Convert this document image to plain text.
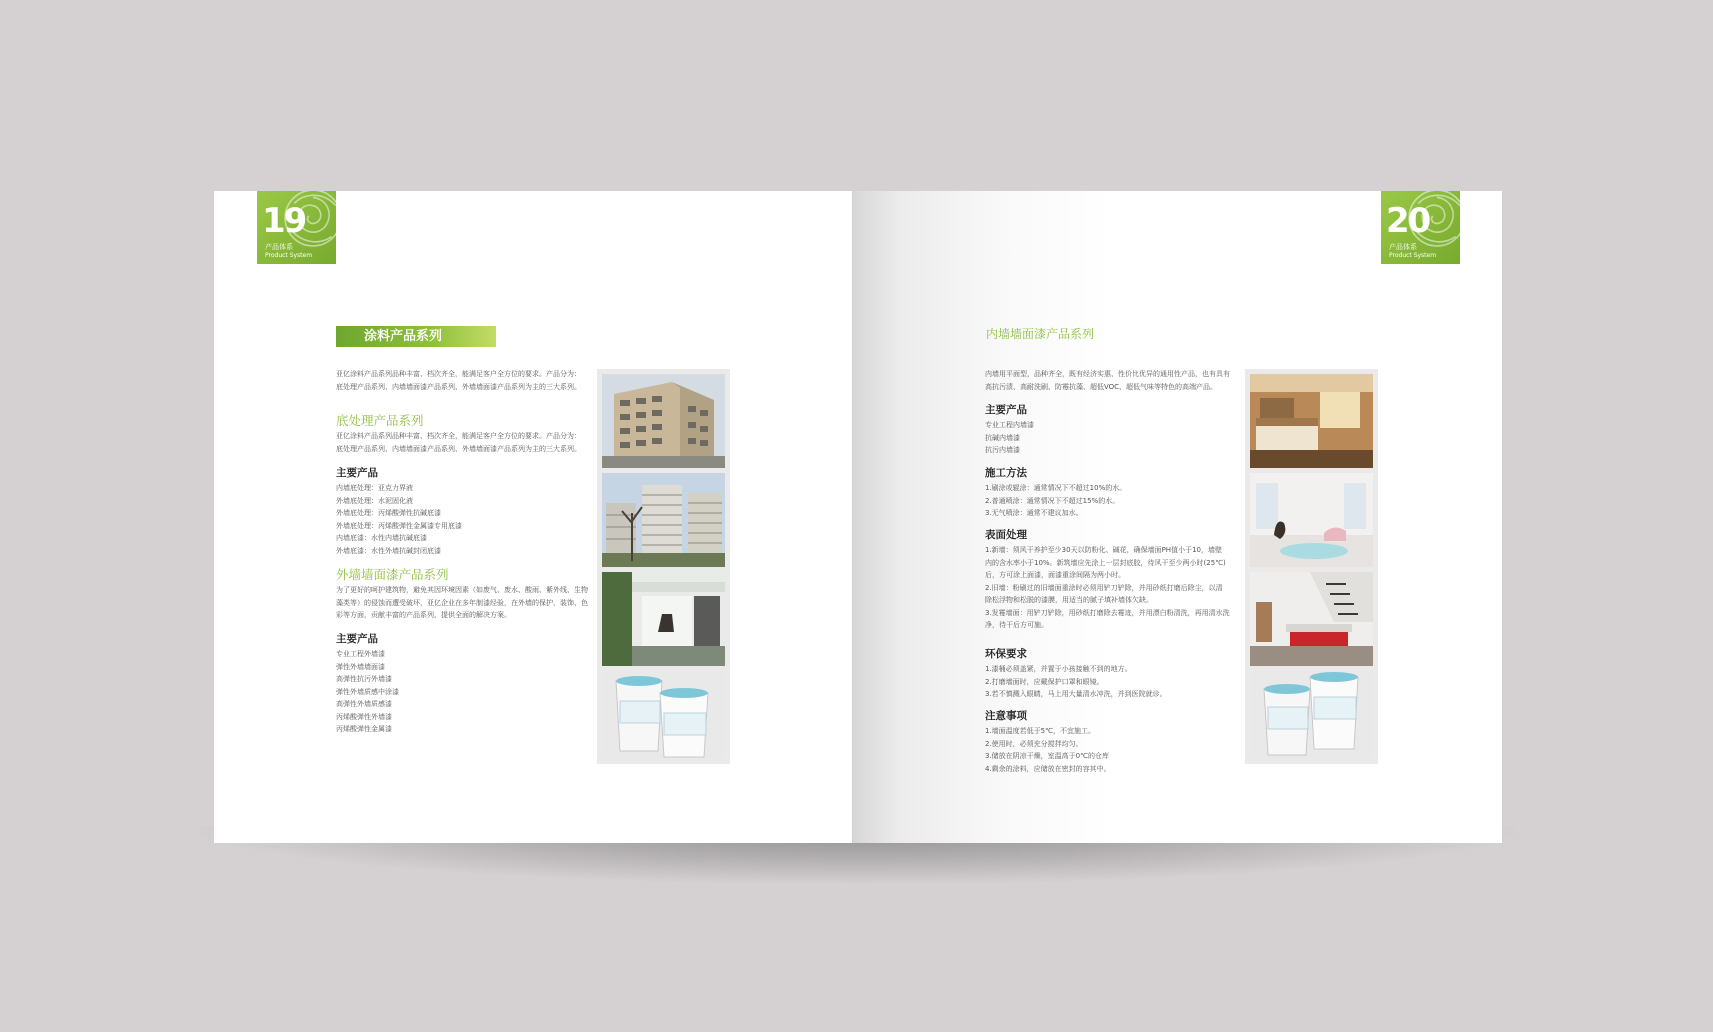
19
产品体系
Product System
涂料产品系列
亚亿涂料产品系列品种丰富、档次齐全，能满足客户全方位的要求。产品分为：
底处理产品系列、内墙墙面漆产品系列、外墙墙面漆产品系列为主的三大系列。
底处理产品系列
亚亿涂料产品系列品种丰富、档次齐全，能满足客户全方位的要求。产品分为：
底处理产品系列、内墙墙面漆产品系列、外墙墙面漆产品系列为主的三大系列。
主要产品
内墙底处理：亚克力界液
外墙底处理：水泥固化液
外墙底处理：丙烯酸弹性抗碱底漆
外墙底处理：丙烯酸弹性金属漆专用底漆
内墙底漆：水性内墙抗碱底漆
外墙底漆：水性外墙抗碱封闭底漆
外墙墙面漆产品系列
为了更好的呵护建筑物，避免其因环境因素（如废气、废水、酸雨、紫外线、生物
藻类等）的侵蚀而遭受破坏，亚亿企业在多年制漆经验，在外墙的保护、装饰、色
彩等方面，贡献丰富的产品系列，提供全面的解决方案。
主要产品
专业工程外墙漆
弹性外墙墙面漆
高弹性抗污外墙漆
弹性外墙质感中涂漆
高弹性外墙质感漆
丙烯酸弹性外墙漆
丙烯酸弹性金属漆
20
产品体系
Product System
内墙墙面漆产品系列
内墙用平面型，品种齐全，既有经济实惠、性价比优异的通用性产品，也有具有
高抗污渍、高耐洗刷、防霉抗藻、超低VOC、超低气味等特色的高端产品。
主要产品
专业工程内墙漆
抗碱内墙漆
抗污内墙漆
施工方法
1.刷涂或辊涂：通常情况下不超过10%的水。
2.普通喷涂：通常情况下不超过15%的水。
3.无气喷涂：通常不建议加水。
表面处理
1.新墙：须风干养护至少30天以防粉化、碱花，确保墙面PH值小于10，墙壁
内的含水率小于10%。新筑墙应先涂上一层封底胶，待风干至少两小时(25℃)
后，方可涂上面漆，面漆重涂间隔为两小时。
2.旧墙：粉刷过的旧墙面重涂时必须用铲刀铲除，并用砂纸打磨后除尘，以清
除松浮物和松脱的漆膜，用适当的腻子填补墙体欠缺。
3.发霉墙面：用铲刀铲除，用砂纸打磨除去霉迹，并用漂白粉清洗，再用清水洗
净，待干后方可施。
环保要求
1.漆桶必须盖紧，并置于小孩接触不到的地方。
2.打磨墙面时，应戴保护口罩和眼镜。
3.若不慎溅入眼睛，马上用大量清水冲洗，并到医院就诊。
注意事项
1.墙面温度若低于5℃，不宜施工。
2.使用时，必须充分搅拌均匀。
3.储放在阴凉干燥，室温高于0℃的仓库
4.剩余的涂料，应储放在密封的容其中。
